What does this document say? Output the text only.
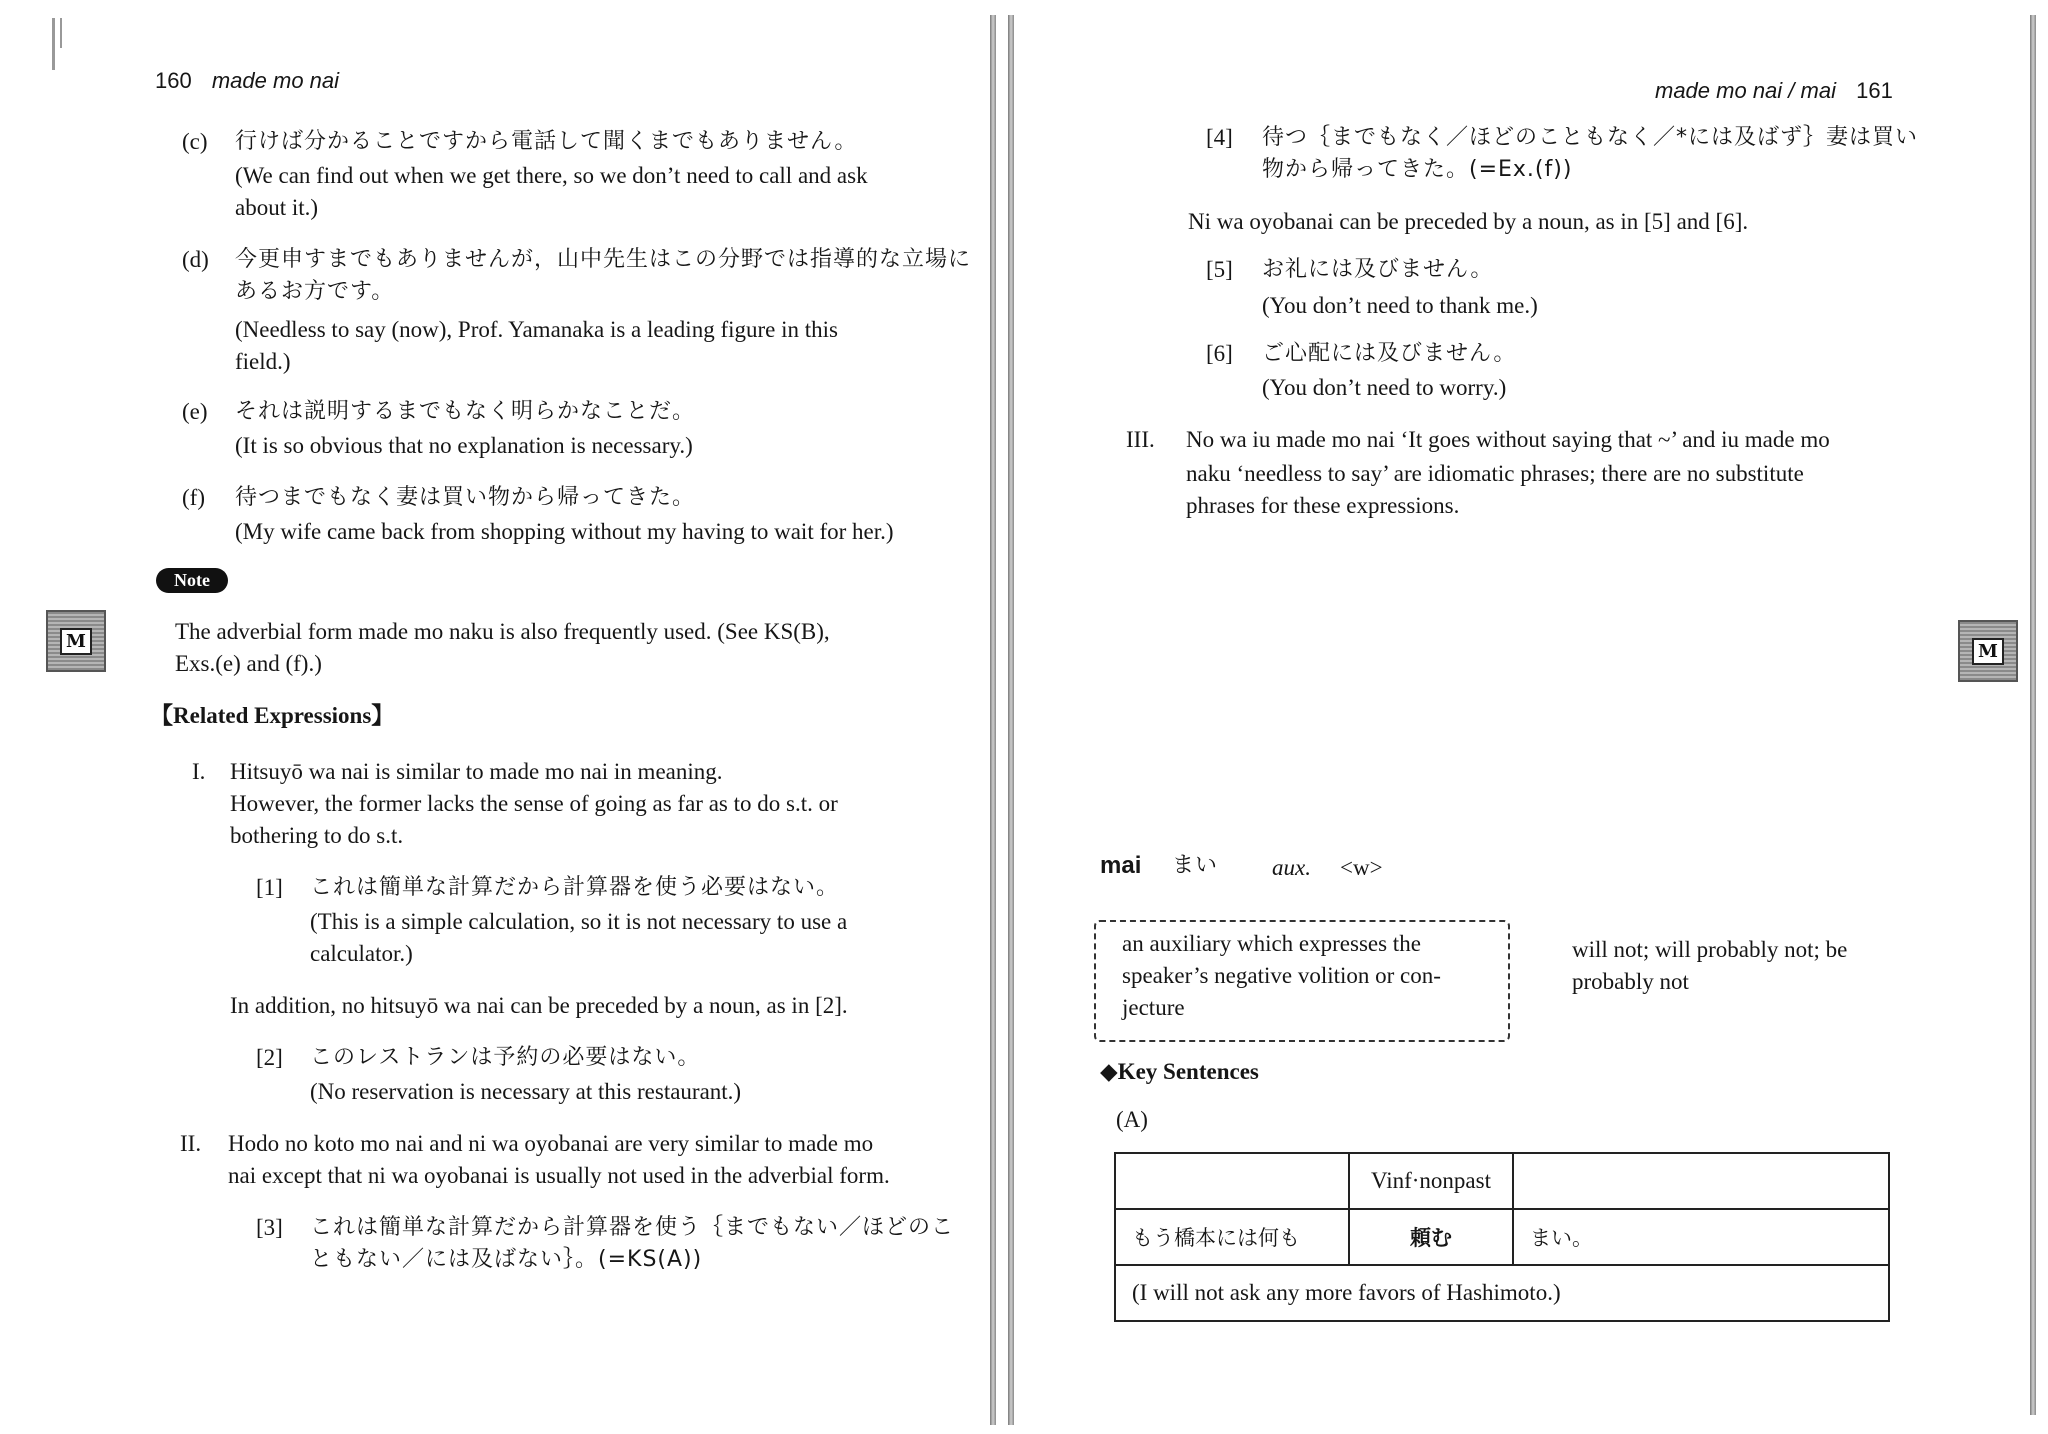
160 made mo nai
(c) 行けば分かることですから電話して聞くまでもありません。
(We can find out when we get there, so we don’t need to call and ask
about it.)
(d) 今更申すまでもありませんが，山中先生はこの分野では指導的な立場に
あるお方です。
(Needless to say (now), Prof. Yamanaka is a leading figure in this
field.)
(e) それは説明するまでもなく明らかなことだ。
(It is so obvious that no explanation is necessary.)
(f) 待つまでもなく妻は買い物から帰ってきた。
(My wife came back from shopping without my having to wait for her.)
Note
M	The adverbial form made mo naku is also frequently used. (See KS(B),
Exs.(e) and (f).)
【Related Expressions】
I. Hitsuyō wa nai is similar to made mo nai in meaning.
However, the former lacks the sense of going as far as to do s.t. or
bothering to do s.t.
[1] これは簡単な計算だから計算器を使う必要はない。
(This is a simple calculation, so it is not necessary to use a
calculator.)
In addition, no hitsuyō wa nai can be preceded by a noun, as in [2].
[2] このレストランは予約の必要はない。
(No reservation is necessary at this restaurant.)
II. Hodo no koto mo nai and ni wa oyobanai are very similar to made mo
nai except that ni wa oyobanai is usually not used in the adverbial form.
[3] これは簡単な計算だから計算器を使う｛までもない／ほどのこ
ともない／には及ばない｝。(=KS(A))
made mo nai / mai 161
[4] 待つ｛までもなく／ほどのこともなく／*には及ばず｝妻は買い
物から帰ってきた。(=Ex.(f))
Ni wa oyobanai can be preceded by a noun, as in [5] and [6].
[5] お礼には及びません。
(You don’t need to thank me.)
[6] ご心配には及びません。
(You don’t need to worry.)
III. No wa iu made mo nai ‘It goes without saying that ~’ and iu made mo
naku ‘needless to say’ are idiomatic phrases; there are no substitute
phrases for these expressions.
M
mai まい aux. <w>
an auxiliary which expresses the
speaker’s negative volition or con-
jecture
will not; will probably not; be
probably not
◆Key Sentences
(A)
	Vinf·nonpast	
もう橋本には何も	頼む	まい。
(I will not ask any more favors of Hashimoto.)		
